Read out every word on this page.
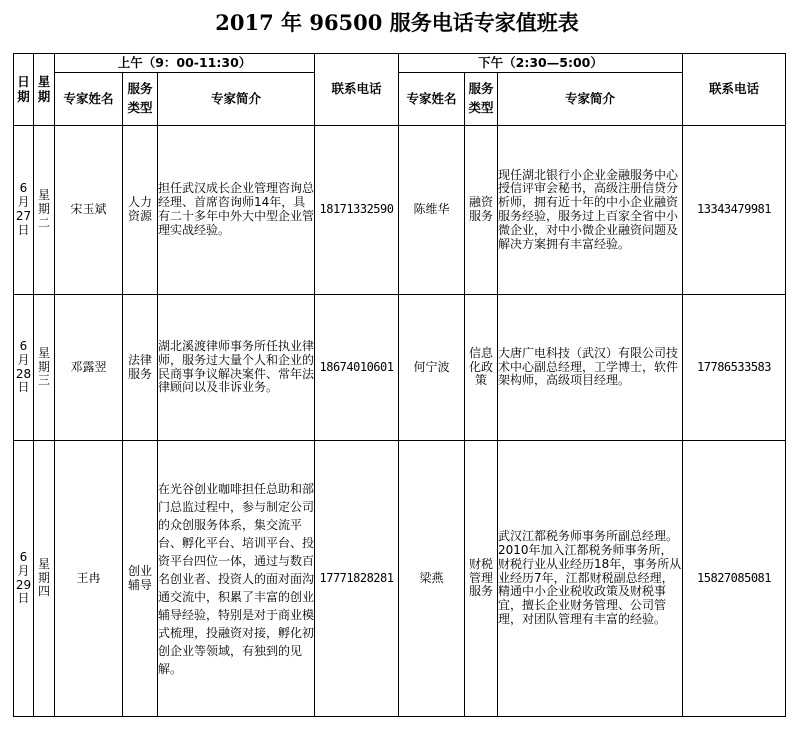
2017 年 96500 服务电话专家值班表
日期	星期	上午（9：00-11:30）			联系电话	下午（2:30—5:00）			联系电话
		专家姓名	服务类型	专家简介		专家姓名	服务类型	专家简介	
6月27日	星期二	宋玉斌	人力资源	担任武汉成长企业管理咨询总经理、首席咨询师14年，具有二十多年中外大中型企业管理实战经验。	18171332590	陈维华	融资服务	现任湖北银行小企业金融服务中心授信评审会秘书，高级注册信贷分析师，拥有近十年的中小企业融资服务经验，服务过上百家全省中小微企业，对中小微企业融资问题及解决方案拥有丰富经验。	13343479981
6月28日	星期三	邓露翌	法律服务	湖北溪渡律师事务所任执业律师，服务过大量个人和企业的民商事争议解决案件、常年法律顾问以及非诉业务。	18674010601	何宁波	信息化政策	大唐广电科技（武汉）有限公司技术中心副总经理，工学博士，软件架构师，高级项目经理。	17786533583
6月29日	星期四	王冉	创业辅导	在光谷创业咖啡担任总助和部门总监过程中，参与制定公司的众创服务体系，集交流平台、孵化平台、培训平台、投资平台四位一体，通过与数百名创业者、投资人的面对面沟通交流中，积累了丰富的创业辅导经验，特别是对于商业模式梳理，投融资对接，孵化初创企业等领域，有独到的见解。	17771828281	梁燕	财税管理服务	武汉江都税务师事务所副总经理。2010年加入江都税务师事务所，财税行业从业经历18年，事务所从业经历7年，江都财税副总经理，精通中小企业税收政策及财税事宜，擅长企业财务管理、公司管理，对团队管理有丰富的经验。	15827085081
